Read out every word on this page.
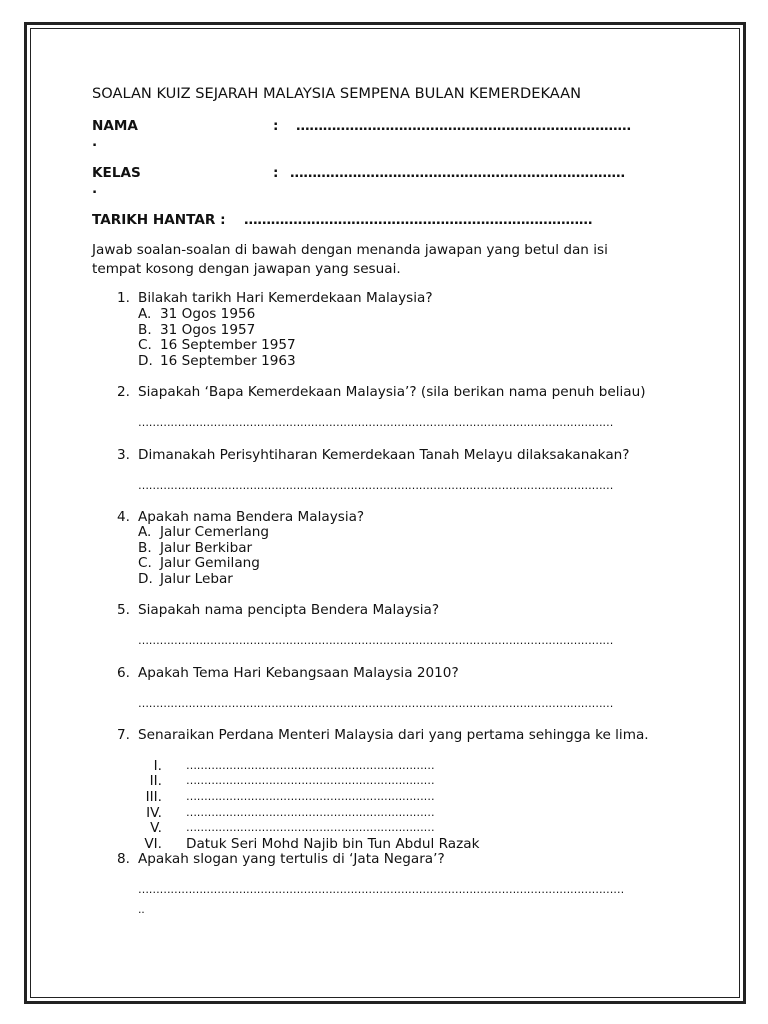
SOALAN KUIZ SEJARAH MALAYSIA SEMPENA BULAN KEMERDEKAAN
NAMA	: …………………………………………………………………
.
KELAS	: …………………………………………………………………
.
TARIKH HANTAR : ……………………………………………………………………
Jawab soalan-soalan di bawah dengan menanda jawapan yang betul dan isi
tempat kosong dengan jawapan yang sesuai.
1. Bilakah tarikh Hari Kemerdekaan Malaysia?
A. 31 Ogos 1956
B. 31 Ogos 1957
C. 16 September 1957
D. 16 September 1963
2. Siapakah ‘Bapa Kemerdekaan Malaysia’? (sila berikan nama penuh beliau)
……………………………………………………………………………………………………………………
3. Dimanakah Perisyhtiharan Kemerdekaan Tanah Melayu dilaksakanakan?
……………………………………………………………………………………………………………………
4. Apakah nama Bendera Malaysia?
A. Jalur Cemerlang
B. Jalur Berkibar
C. Jalur Gemilang
D. Jalur Lebar
5. Siapakah nama pencipta Bendera Malaysia?
……………………………………………………………………………………………………………………
6. Apakah Tema Hari Kebangsaan Malaysia 2010?
……………………………………………………………………………………………………………………
7. Senaraikan Perdana Menteri Malaysia dari yang pertama sehingga ke lima.
I. ……………………………………………………………
II. ……………………………………………………………
III. ……………………………………………………………
IV. ……………………………………………………………
V. ……………………………………………………………
VI. Datuk Seri Mohd Najib bin Tun Abdul Razak
8. Apakah slogan yang tertulis di ‘Jata Negara’?
………………………………………………………………………………………………………………………
..
